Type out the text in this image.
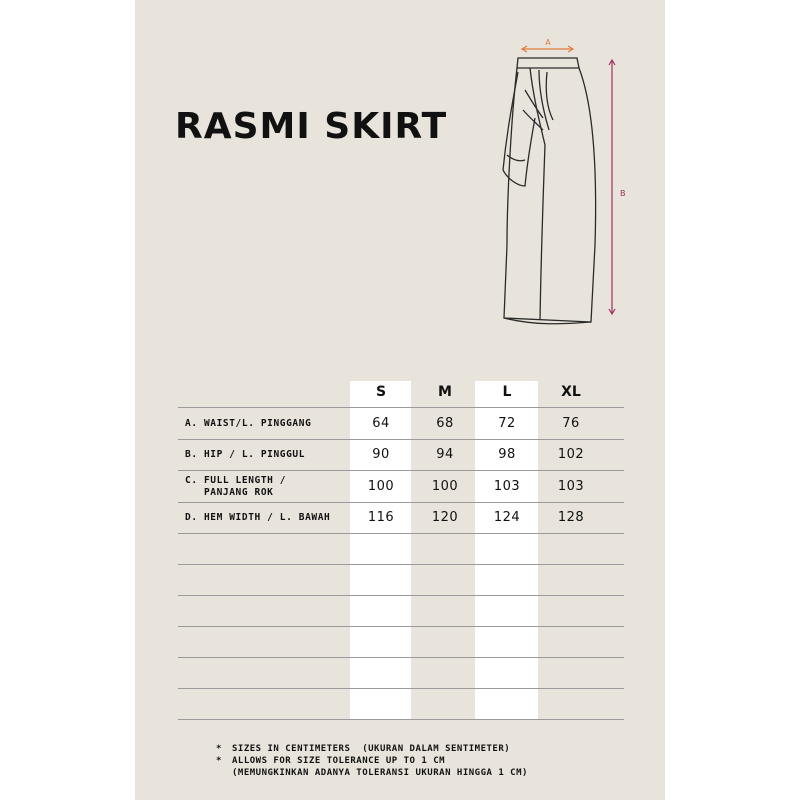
RASMI SKIRT
A
B
S	M	L	XL
A. WAIST/L. PINGGANG	64	68	72	76
B. HIP / L. PINGGUL	90	94	98	102
C. FULL LENGTH /
PANJANG ROK	100	100	103	103
D. HEM WIDTH / L. BAWAH	116	120	124	128
* SIZES IN CENTIMETERS  (UKURAN DALAM SENTIMETER)
* ALLOWS FOR SIZE TOLERANCE UP TO 1 CM
(MEMUNGKINKAN ADANYA TOLERANSI UKURAN HINGGA 1 CM)
